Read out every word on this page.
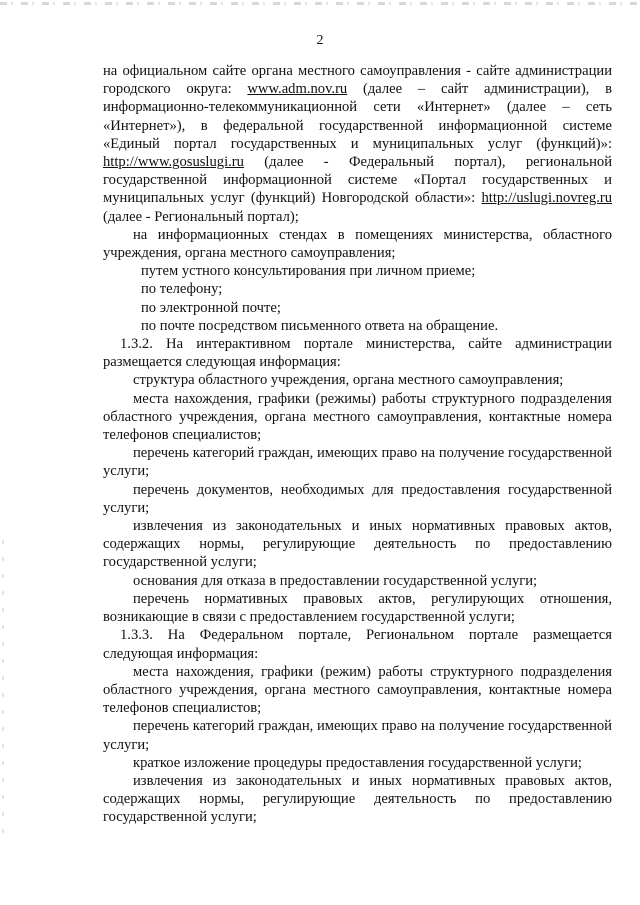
2

на официальном сайте органа местного самоуправления - сайте администрации городского округа: www.adm.nov.ru (далее – сайт администрации), в информационно-телекоммуникационной сети «Интернет» (далее – сеть «Интернет»), в федеральной государственной информационной системе «Единый портал государственных и муниципальных услуг (функций)»: http://www.gosuslugi.ru (далее - Федеральный портал), региональной государственной информационной системе «Портал государственных и муниципальных услуг (функций) Новгородской области»: http://uslugi.novreg.ru (далее - Региональный портал);

на информационных стендах в помещениях министерства, областного учреждения, органа местного самоуправления;

путем устного консультирования при личном приеме;

по телефону;

по электронной почте;

по почте посредством письменного ответа на обращение.

1.3.2. На интерактивном портале министерства, сайте администрации размещается следующая информация:

структура областного учреждения, органа местного самоуправления;

места нахождения, графики (режимы) работы структурного подразделения областного учреждения, органа местного самоуправления, контактные номера телефонов специалистов;

перечень категорий граждан, имеющих право на получение государственной услуги;

перечень документов, необходимых для предоставления государственной услуги;

извлечения из законодательных и иных нормативных правовых актов, содержащих нормы, регулирующие деятельность по предоставлению государственной услуги;

основания для отказа в предоставлении государственной услуги;

перечень нормативных правовых актов, регулирующих отношения, возникающие в связи с предоставлением государственной услуги;

1.3.3. На Федеральном портале, Региональном портале размещается следующая информация:

места нахождения, графики (режим) работы структурного подразделения областного учреждения, органа местного самоуправления, контактные номера телефонов специалистов;

перечень категорий граждан, имеющих право на получение государственной услуги;

краткое изложение процедуры предоставления государственной услуги;

извлечения из законодательных и иных нормативных правовых актов, содержащих нормы, регулирующие деятельность по предоставлению государственной услуги;
